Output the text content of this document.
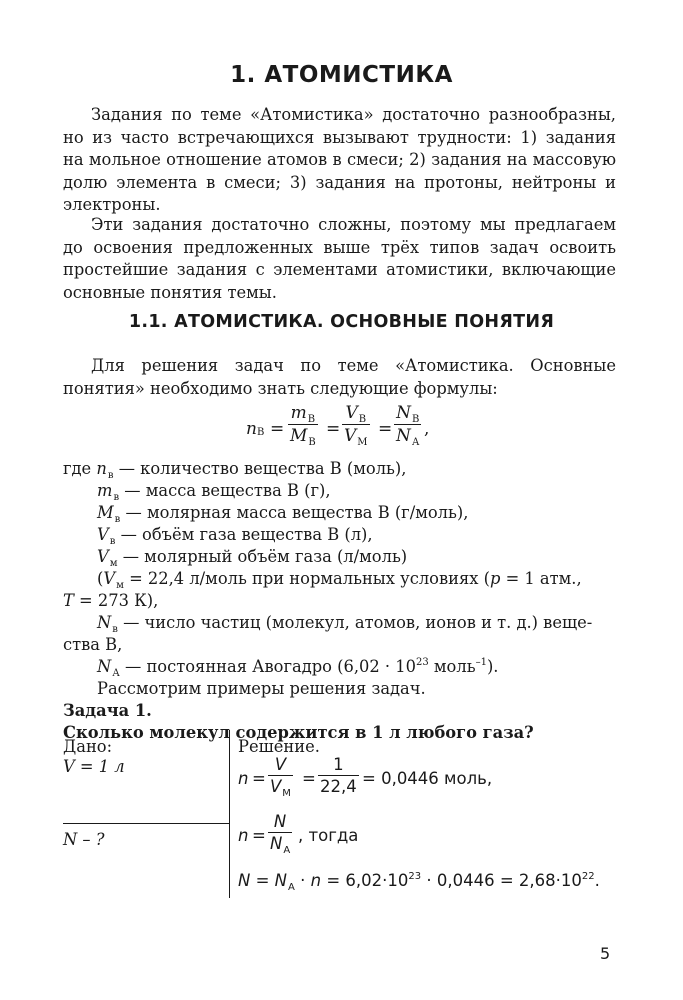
1. АТОМИСТИКА

Задания по теме «Атомистика» достаточно разнообразны, но из часто встречающихся вызывают трудности: 1) задания на мольное отношение атомов в смеси; 2) задания на массовую долю элемента в смеси; 3) задания на протоны, нейтроны и электроны.

Эти задания достаточно сложны, поэтому мы предлагаем до освоения предложенных выше трёх типов задач освоить простейшие задания с элементами атомистики, включающие основные понятия темы.

1.1. АТОМИСТИКА. ОСНОВНЫЕ ПОНЯТИЯ

Для решения задач по теме «Атомистика. Основные понятия» необходимо знать следующие формулы:

n В =
$m_В$
$M_В$
=
$V_В$
$V_М$
=
$N_В$
$N_А$
,
где $n_в$ — количество вещества В (моль),
$m_в$ — масса вещества В (г),
$M_в$ — молярная масса вещества В (г/моль),
$V_в$ — объём газа вещества В (л),
$V_м$ — молярный объём газа (л/моль)
($V_м = 22,4$ л/моль при нормальных условиях (p = 1 атм.,
T = 273 К),
$N_в$ — число частиц (молекул, атомов, ионов и т. д.) веще-
ства В,
$N_А$ — постоянная Авогадро ($6,02 \cdot 10^{23}$ моль$^{-1}$).
Рассмотрим примеры решения задач.
Задача 1.
Сколько молекул содержится в 1 л любого газа?
Дано:
V = 1 л
N – ?
Решение.
n =
V
$V_М$
=
1
22,4 = 0,0446 моль,
n =
N
$N_А$
, тогда
$N = N_А \cdot n = 6,02\cdot 10^{23} \cdot 0,0446 = 2,68\cdot 10^{22}$.
5
